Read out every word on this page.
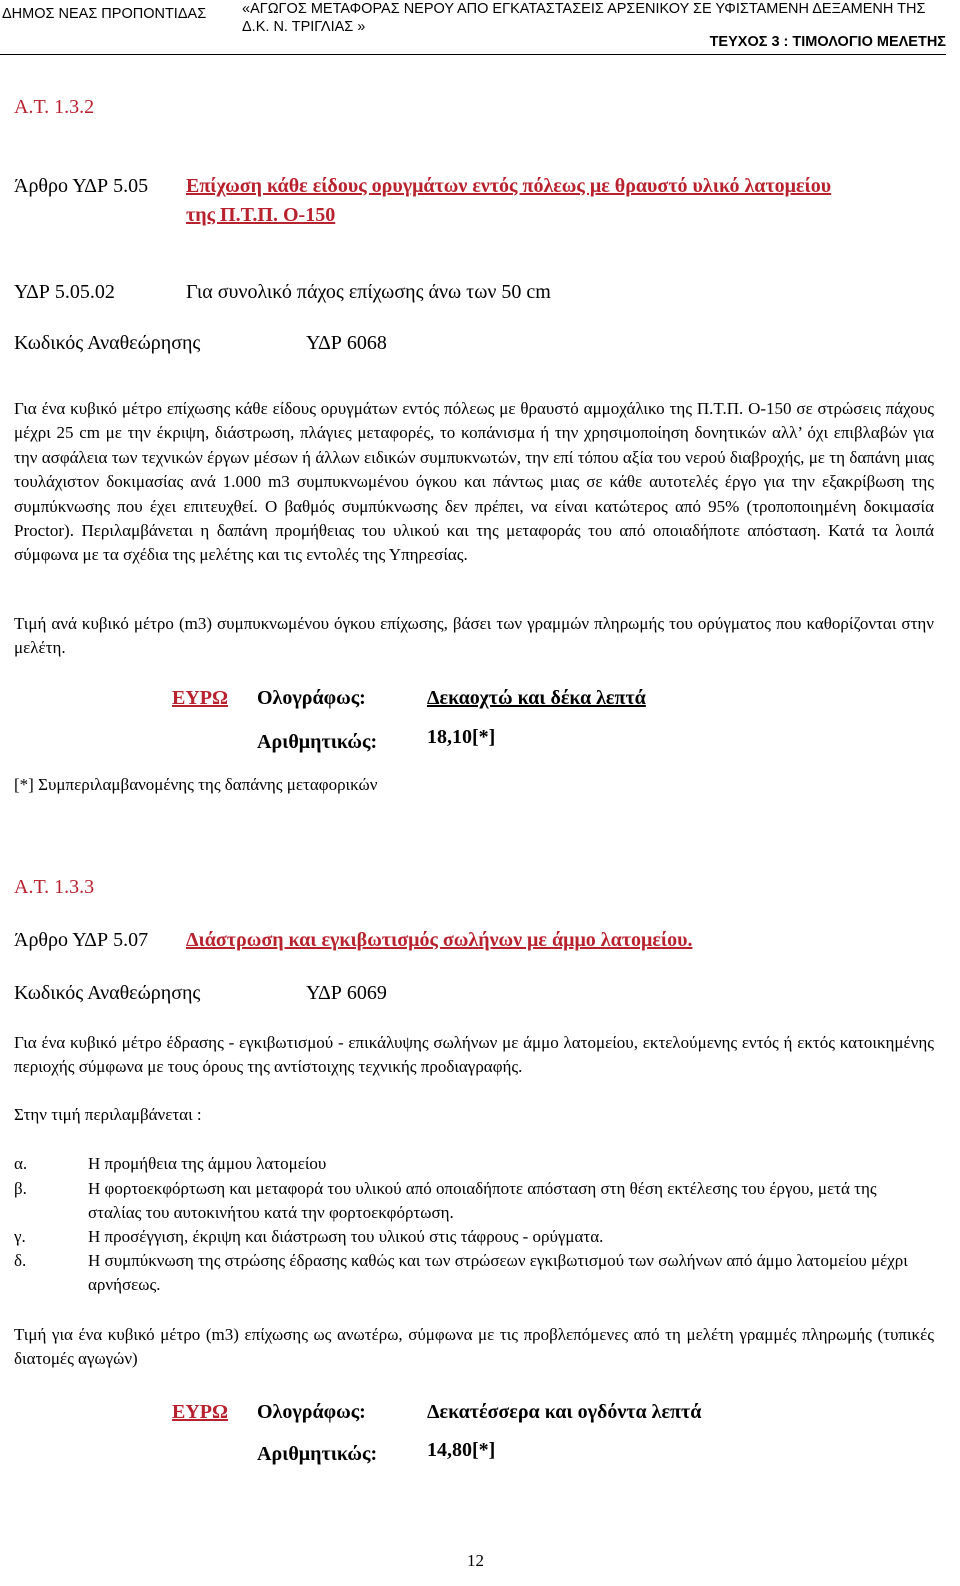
ΔΗΜΟΣ ΝΕΑΣ ΠΡΟΠΟΝΤΙΔΑΣ «ΑΓΩΓΟΣ ΜΕΤΑΦΟΡΑΣ ΝΕΡΟΥ ΑΠΟ ΕΓΚΑΤΑΣΤΑΣΕΙΣ ΑΡΣΕΝΙΚΟΥ ΣΕ ΥΦΙΣΤΑΜΕΝΗ ΔΕΞΑΜΕΝΗ ΤΗΣ Δ.Κ. Ν. ΤΡΙΓΛΙΑΣ »
ΤΕΥΧΟΣ 3 : ΤΙΜΟΛΟΓΙΟ ΜΕΛΕΤΗΣ
Α.Τ. 1.3.2
Άρθρο ΥΔΡ 5.05 Επίχωση κάθε είδους ορυγμάτων εντός πόλεως με θραυστό υλικό λατομείου
της Π.Τ.Π. Ο-150
ΥΔΡ 5.05.02	Για συνολικό πάχος επίχωσης άνω των 50 cm
Κωδικός Αναθεώρησης	ΥΔΡ 6068
Για ένα κυβικό μέτρο επίχωσης κάθε είδους ορυγμάτων εντός πόλεως με θραυστό αμμοχάλικο της Π.Τ.Π. Ο-150 σε στρώσεις πάχους μέχρι 25 cm με την έκριψη, διάστρωση, πλάγιες μεταφορές, το κοπάνισμα ή την χρησιμοποίηση δονητικών αλλ’ όχι επιβλαβών για την ασφάλεια των τεχνικών έργων μέσων ή άλλων ειδικών συμπυκνωτών, την επί τόπου αξία του νερού διαβροχής, με τη δαπάνη μιας τουλάχιστον δοκιμασίας ανά 1.000 m3 συμπυκνωμένου όγκου και πάντως μιας σε κάθε αυτοτελές έργο για την εξακρίβωση της συμπύκνωσης που έχει επιτευχθεί. Ο βαθμός συμπύκνωσης δεν πρέπει, να είναι κατώτερος από 95% (τροποποιημένη δοκιμασία Proctor). Περιλαμβάνεται η δαπάνη προμήθειας του υλικού και της μεταφοράς του από οποιαδήποτε απόσταση. Κατά τα λοιπά σύμφωνα με τα σχέδια της μελέτης και τις εντολές της Υπηρεσίας.
Τιμή ανά κυβικό μέτρο (m3) συμπυκνωμένου όγκου επίχωσης, βάσει των γραμμών πληρωμής του ορύγματος που καθορίζονται στην μελέτη.
ΕΥΡΩ Ολογράφως:	Δεκαοχτώ και δέκα λεπτά
Αριθμητικώς: 18,10[*]
[*] Συμπεριλαμβανομένης της δαπάνης μεταφορικών
Α.Τ. 1.3.3
Άρθρο ΥΔΡ 5.07 Διάστρωση και εγκιβωτισμός σωλήνων με άμμο λατομείου.
Κωδικός Αναθεώρησης	ΥΔΡ 6069
Για ένα κυβικό μέτρο έδρασης - εγκιβωτισμού - επικάλυψης σωλήνων με άμμο λατομείου, εκτελούμενης εντός ή εκτός κατοικημένης περιοχής σύμφωνα με τους όρους της αντίστοιχης τεχνικής προδιαγραφής.
Στην τιμή περιλαμβάνεται :
α.	Η προμήθεια της άμμου λατομείου
β.	Η φορτοεκφόρτωση και μεταφορά του υλικού από οποιαδήποτε απόσταση στη θέση εκτέλεσης του έργου, μετά της σταλίας του αυτοκινήτου κατά την φορτοεκφόρτωση.
γ.	Η προσέγγιση, έκριψη και διάστρωση του υλικού στις τάφρους - ορύγματα.
δ.	Η συμπύκνωση της στρώσης έδρασης καθώς και των στρώσεων εγκιβωτισμού των σωλήνων από άμμο λατομείου μέχρι αρνήσεως.
Τιμή για ένα κυβικό μέτρο (m3) επίχωσης ως ανωτέρω, σύμφωνα με τις προβλεπόμενες από τη μελέτη γραμμές πληρωμής (τυπικές διατομές αγωγών)
ΕΥΡΩ Ολογράφως:	Δεκατέσσερα και ογδόντα λεπτά
Αριθμητικώς: 14,80[*]
12
